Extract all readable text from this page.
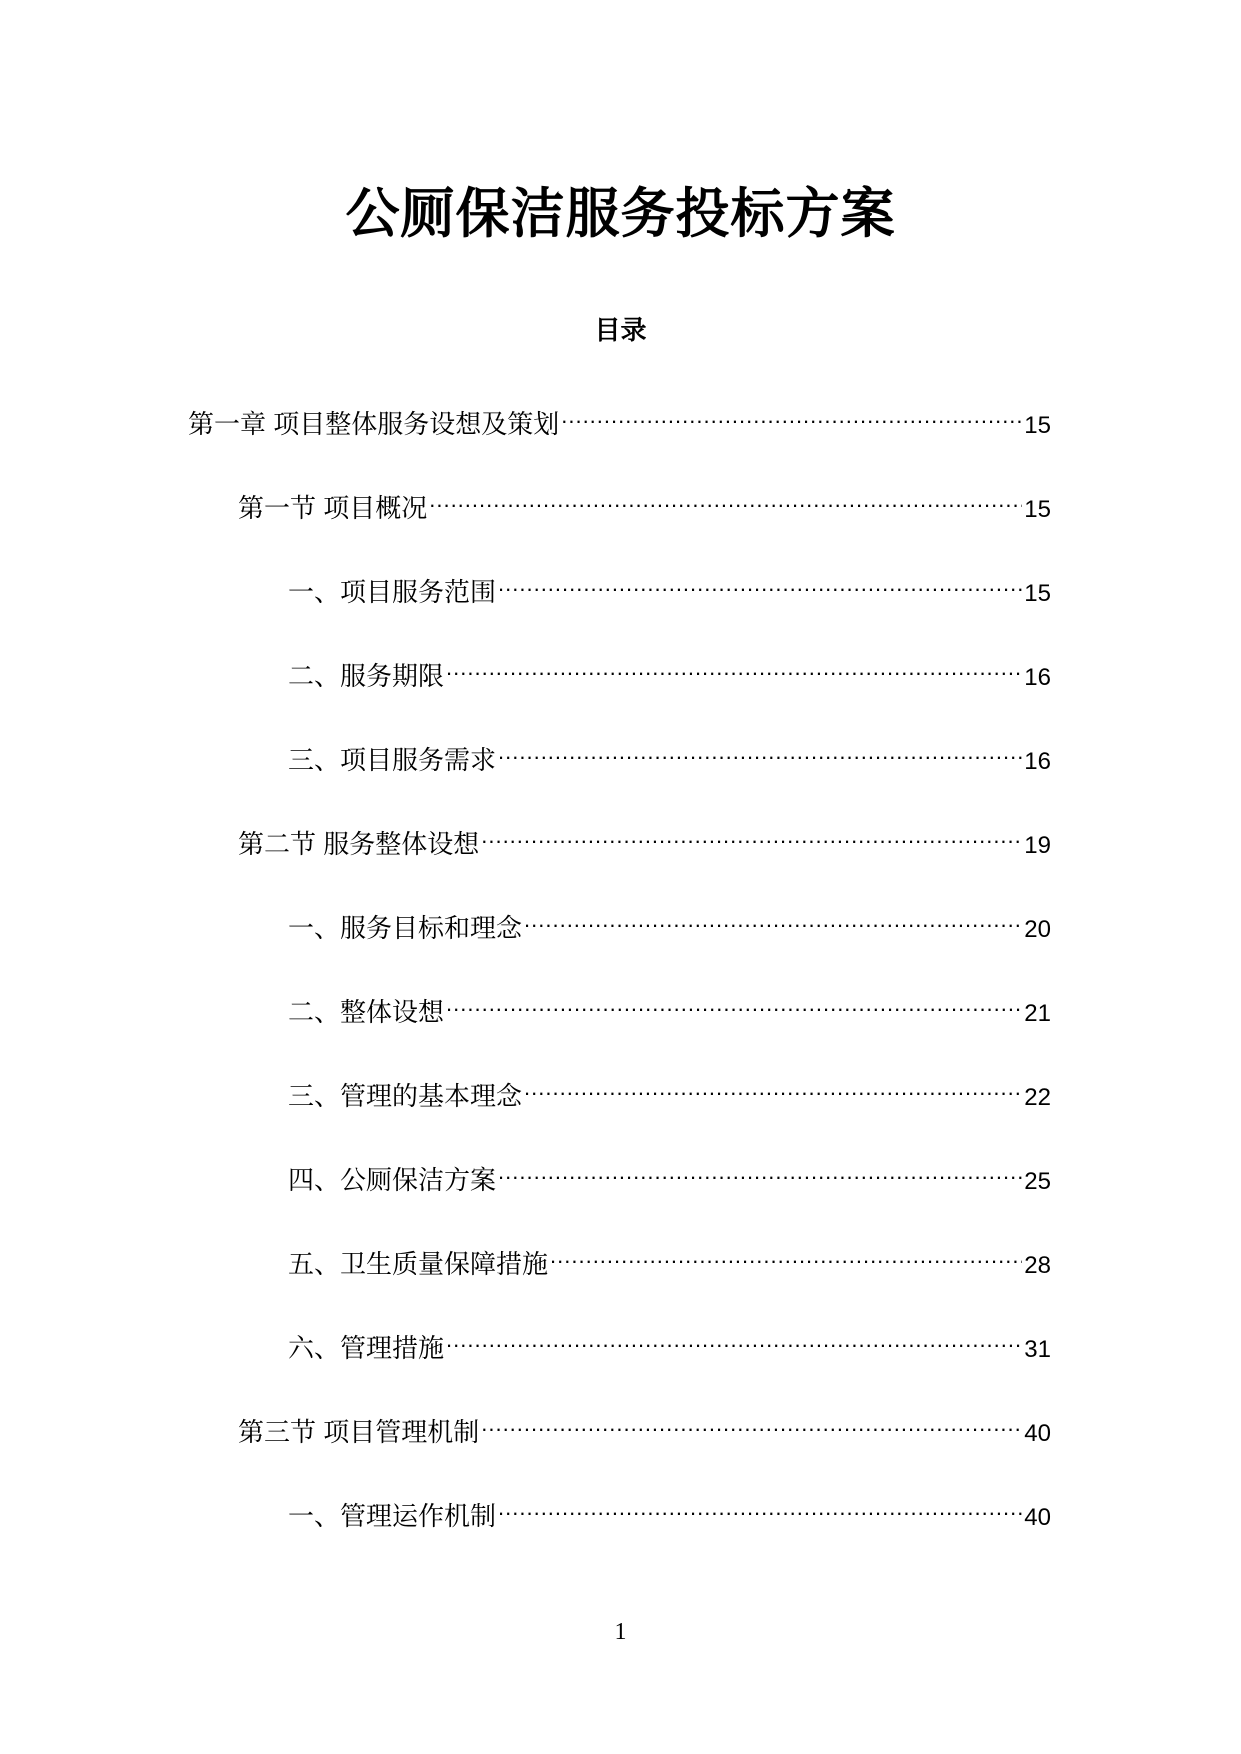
公厕保洁服务投标方案
目录
第一章 项目整体服务设想及策划 .....	15
第一节 项目概况 .....	15
一、项目服务范围 .....	15
二、服务期限 .....	16
三、项目服务需求 .....	16
第二节 服务整体设想 .....	19
一、服务目标和理念 .....	20
二、整体设想 .....	21
三、管理的基本理念 .....	22
四、公厕保洁方案 .....	25
五、卫生质量保障措施 .....	28
六、管理措施 .....	31
第三节 项目管理机制 .....	40
一、管理运作机制 .....	40
1
